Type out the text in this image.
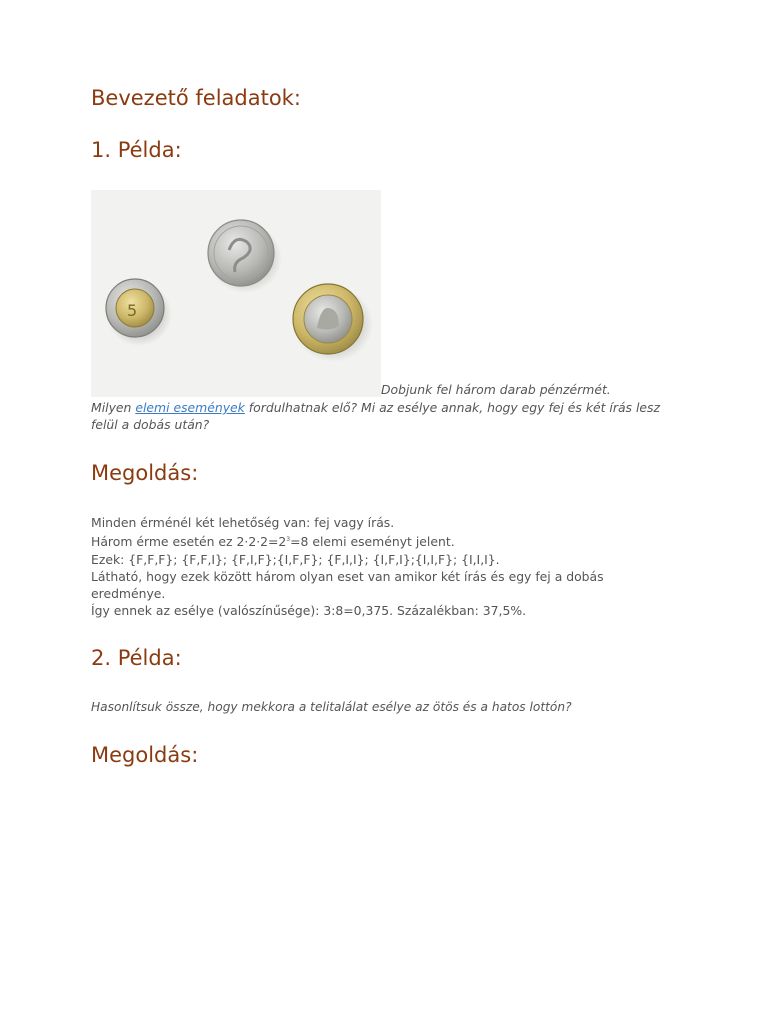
Bevezető feladatok:
1. Példa:
5
Dobjunk fel három darab pénzérmét.
Milyen elemi események fordulhatnak elő? Mi az esélye annak, hogy egy fej és két írás lesz felül a dobás után?
Megoldás:
Minden érménél két lehetőség van: fej vagy írás.
Három érme esetén ez $2\cdot 2\cdot 2=2^3=8$ elemi eseményt jelent.
Ezek: {F,F,F}; {F,F,I}; {F,I,F};{I,F,F}; {F,I,I}; {I,F,I};{I,I,F}; {I,I,I}.
Látható, hogy ezek között három olyan eset van amikor két írás és egy fej a dobás eredménye.
Így ennek az esélye (valószínűsége): 3:8=0,375. Százalékban: 37,5%.
2. Példa:
Hasonlítsuk össze, hogy mekkora a telitalálat esélye az ötös és a hatos lottón?
Megoldás:
